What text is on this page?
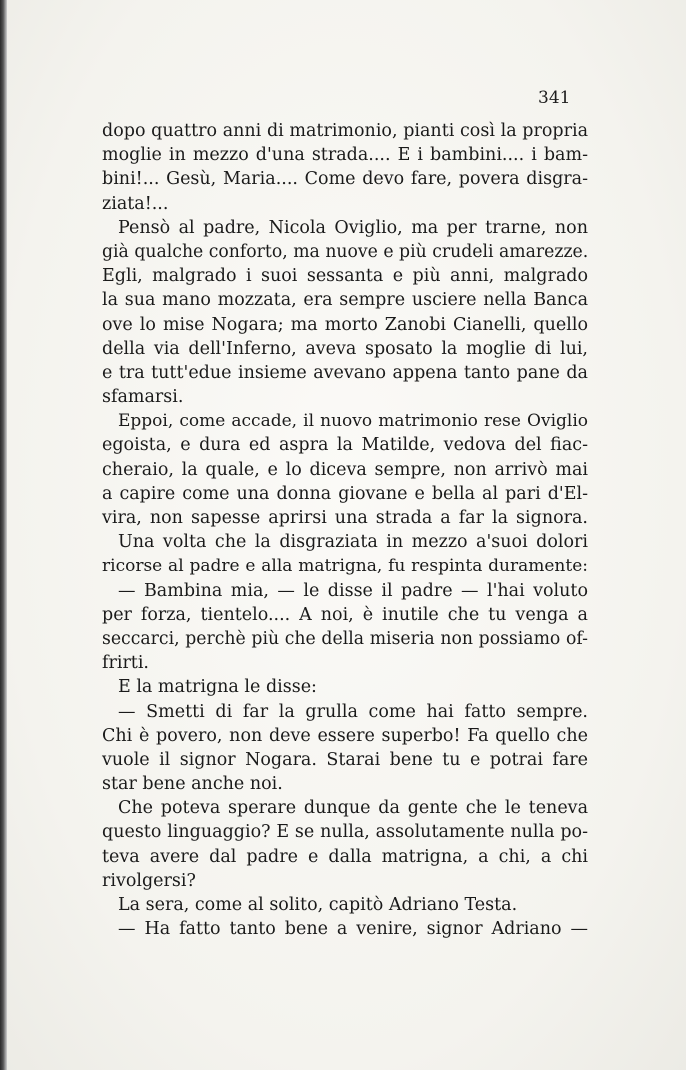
341
dopo quattro anni di matrimonio, pianti così la propria
moglie in mezzo d'una strada.... E i bambini.... i bam-
bini!... Gesù, Maria.... Come devo fare, povera disgra-
ziata!...
Pensò al padre, Nicola Oviglio, ma per trarne, non
già qualche conforto, ma nuove e più crudeli amarezze.
Egli, malgrado i suoi sessanta e più anni, malgrado
la sua mano mozzata, era sempre usciere nella Banca
ove lo mise Nogara; ma morto Zanobi Cianelli, quello
della via dell'Inferno, aveva sposato la moglie di lui,
e tra tutt'edue insieme avevano appena tanto pane da
sfamarsi.
Eppoi, come accade, il nuovo matrimonio rese Oviglio
egoista, e dura ed aspra la Matilde, vedova del fiac-
cheraio, la quale, e lo diceva sempre, non arrivò mai
a capire come una donna giovane e bella al pari d'El-
vira, non sapesse aprirsi una strada a far la signora.
Una volta che la disgraziata in mezzo a'suoi dolori
ricorse al padre e alla matrigna, fu respinta duramente:
— Bambina mia, — le disse il padre — l'hai voluto
per forza, tientelo.... A noi, è inutile che tu venga a
seccarci, perchè più che della miseria non possiamo of-
frirti.
E la matrigna le disse:
— Smetti di far la grulla come hai fatto sempre.
Chi è povero, non deve essere superbo! Fa quello che
vuole il signor Nogara. Starai bene tu e potrai fare
star bene anche noi.
Che poteva sperare dunque da gente che le teneva
questo linguaggio? E se nulla, assolutamente nulla po-
teva avere dal padre e dalla matrigna, a chi, a chi
rivolgersi?
La sera, come al solito, capitò Adriano Testa.
— Ha fatto tanto bene a venire, signor Adriano —
